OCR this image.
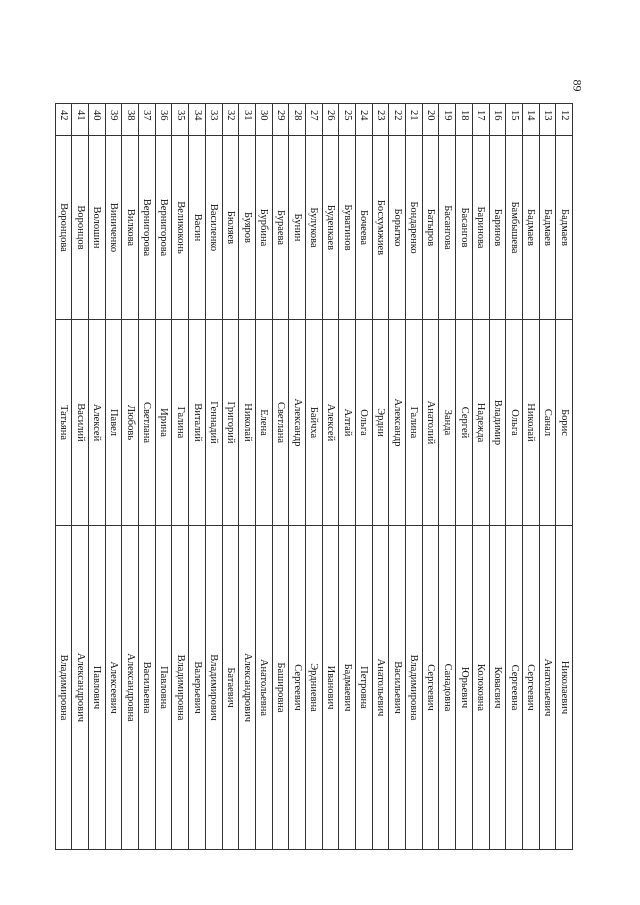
89
12	Бадмаев	Борис	Николаевич
13	Бадмаев	Санал	Анатольевич
14	Бадмаев	Николай	Сергеевич
15	Бамбышева	Ольга	Сергеевна
16	Баринов	Владимир	Ковасвич
17	Баринова	Надежда	Колоковна
18	Басангов	Сергей	Юрьевич
19	Басангова	Занда	Санадовна
20	Батыров	Анатолий	Сергеевич
21	Бондаренко	Галина	Владимировна
22	Борытко	Александр	Васильевич
23	Босхумжиев	Эрдни	Анатольевич
24	Бочеева	Ольга	Петровна
25	Буватинов	Алтай	Бадмаевич
26	Буденкаев	Алексей	Иванович
27	Булукова	Байчха	Эрдниевна
28	Бунин	Александр	Сергеевич
29	Бураева	Светлана	Башировна
30	Бурбина	Елена	Анатольевна
31	Буяров	Николай	Александрович
32	Бюляев	Григорий	Батаевич
33	Василенко	Геннадий	Владимирович
34	Васин	Виталий	Валерьевич
35	Великоконь	Галина	Владимировна
36	Вернигорова	Ирина	Павловна
37	Вернигорова	Светлана	Васильевна
38	Вилкова	Любовь	Александровна
39	Виниченко	Павел	Алексеевич
40	Волошин	Алексей	Павлович
41	Воронцов	Василий	Александрович
42	Воронцова	Татьяна	Владимировна
